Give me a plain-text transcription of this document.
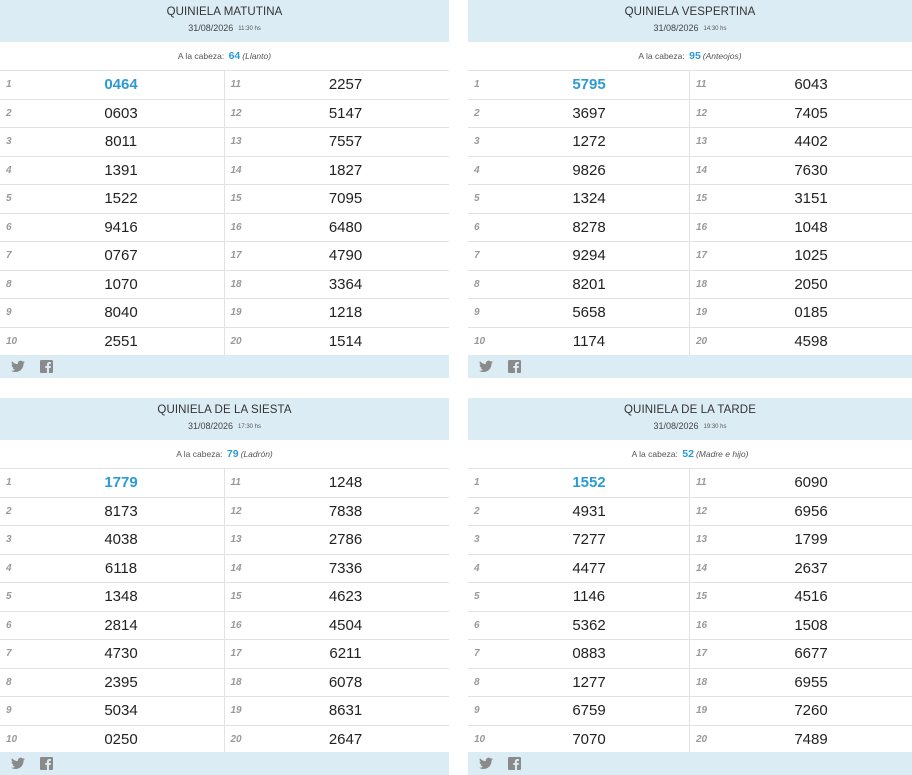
QUINIELA MATUTINA
31/08/2026 11:30 hs
A la cabeza: 64 (Llanto)
1	0464
2	0603
3	8011
4	1391
5	1522
6	9416
7	0767
8	1070
9	8040
10	2551
11	2257
12	5147
13	7557
14	1827
15	7095
16	6480
17	4790
18	3364
19	1218
20	1514
QUINIELA VESPERTINA
31/08/2026 14:30 hs
A la cabeza: 95 (Anteojos)
1	5795
2	3697
3	1272
4	9826
5	1324
6	8278
7	9294
8	8201
9	5658
10	1174
11	6043
12	7405
13	4402
14	7630
15	3151
16	1048
17	1025
18	2050
19	0185
20	4598
QUINIELA DE LA SIESTA
31/08/2026 17:30 hs
A la cabeza: 79 (Ladrón)
1	1779
2	8173
3	4038
4	6118
5	1348
6	2814
7	4730
8	2395
9	5034
10	0250
11	1248
12	7838
13	2786
14	7336
15	4623
16	4504
17	6211
18	6078
19	8631
20	2647
QUINIELA DE LA TARDE
31/08/2026 19:30 hs
A la cabeza: 52 (Madre e hijo)
1	1552
2	4931
3	7277
4	4477
5	1146
6	5362
7	0883
8	1277
9	6759
10	7070
11	6090
12	6956
13	1799
14	2637
15	4516
16	1508
17	6677
18	6955
19	7260
20	7489
